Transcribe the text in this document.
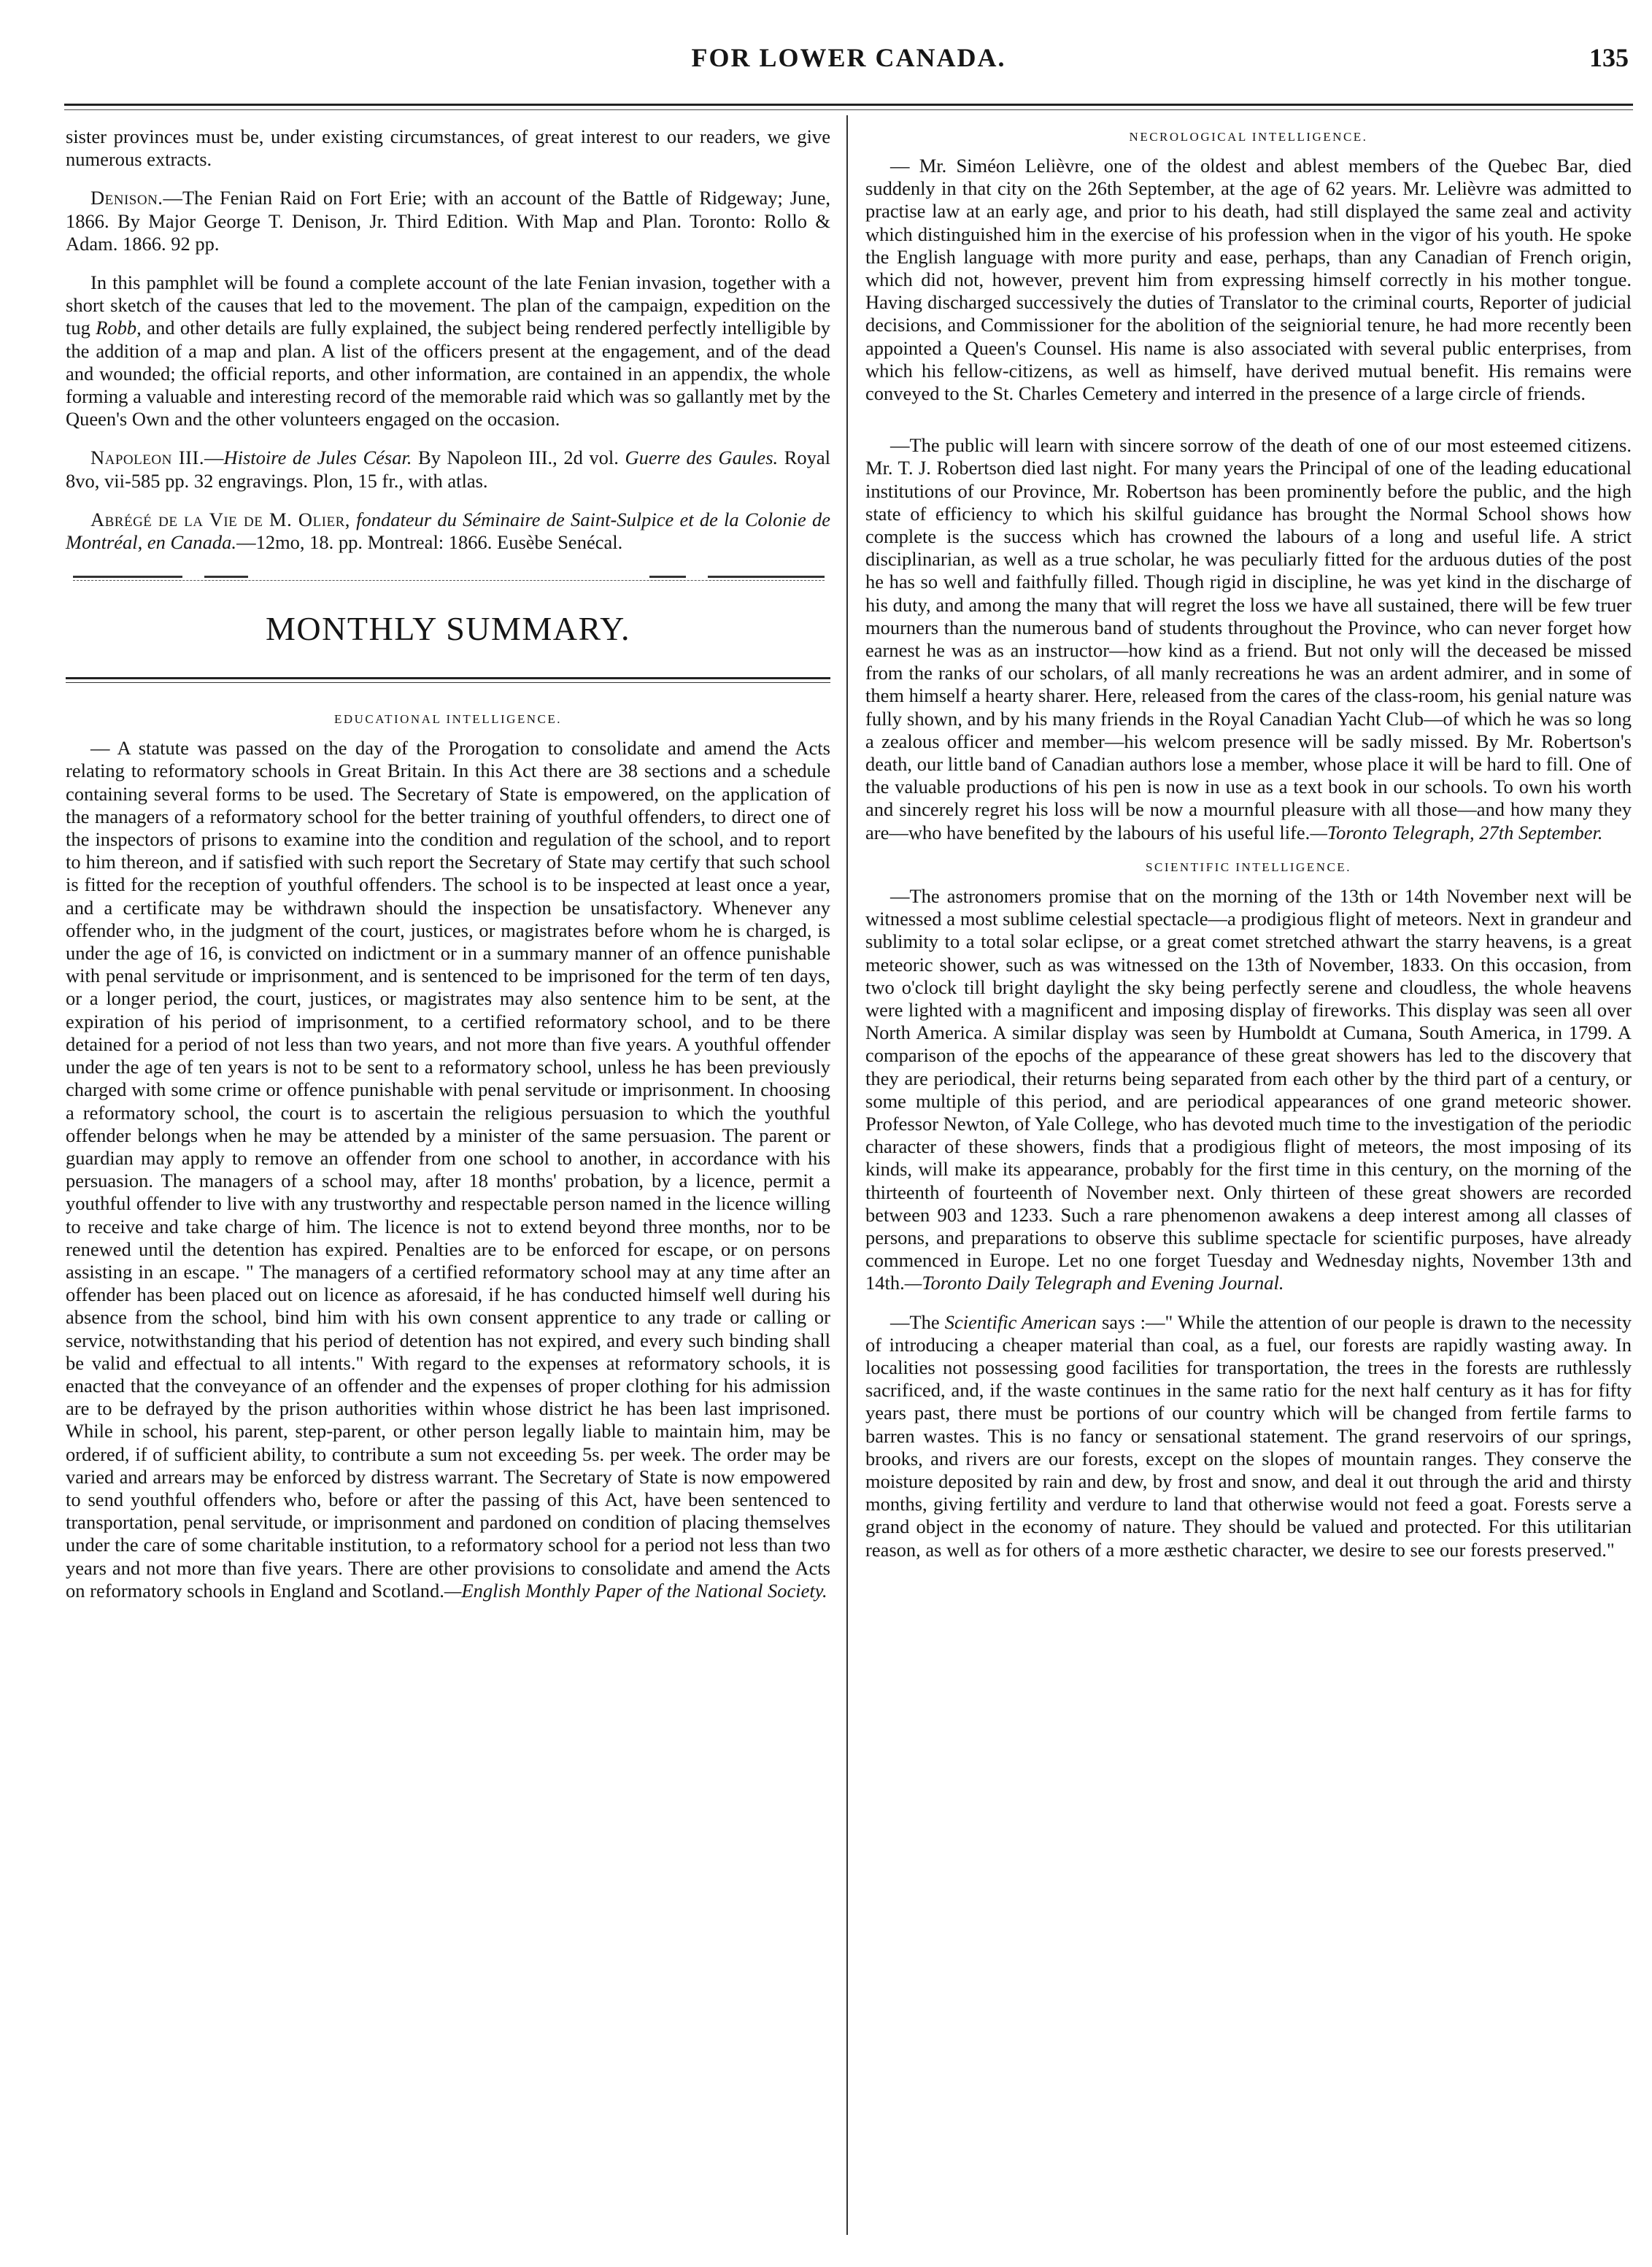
FOR LOWER CANADA.	135

sister provinces must be, under existing circumstances, of great interest to our readers, we give numerous extracts.

Denison.—The Fenian Raid on Fort Erie; with an account of the Battle of Ridgeway; June, 1866. By Major George T. Denison, Jr. Third Edition. With Map and Plan. Toronto: Rollo & Adam. 1866. 92 pp.

In this pamphlet will be found a complete account of the late Fenian invasion, together with a short sketch of the causes that led to the movement. The plan of the campaign, expedition on the tug Robb, and other details are fully explained, the subject being rendered perfectly intelligible by the addition of a map and plan. A list of the officers present at the engagement, and of the dead and wounded; the official reports, and other information, are contained in an appendix, the whole forming a valuable and interesting record of the memorable raid which was so gallantly met by the Queen's Own and the other volunteers engaged on the occasion.

Napoleon III.—Histoire de Jules César. By Napoleon III., 2d vol. Guerre des Gaules. Royal 8vo, vii-585 pp. 32 engravings. Plon, 15 fr., with atlas.

Abrégé de la Vie de M. Olier, fondateur du Séminaire de Saint-Sulpice et de la Colonie de Montréal, en Canada.—12mo, 18. pp. Montreal: 1866. Eusèbe Senécal.

MONTHLY SUMMARY.
EDUCATIONAL INTELLIGENCE.

— A statute was passed on the day of the Prorogation to consolidate and amend the Acts relating to reformatory schools in Great Britain. In this Act there are 38 sections and a schedule containing several forms to be used. The Secretary of State is empowered, on the application of the managers of a reformatory school for the better training of youthful offenders, to direct one of the inspectors of prisons to examine into the condition and regulation of the school, and to report to him thereon, and if satisfied with such report the Secretary of State may certify that such school is fitted for the reception of youthful offenders. The school is to be inspected at least once a year, and a certificate may be withdrawn should the inspection be unsatisfactory. Whenever any offender who, in the judgment of the court, justices, or magistrates before whom he is charged, is under the age of 16, is convicted on indictment or in a summary manner of an offence punishable with penal servitude or imprisonment, and is sentenced to be imprisoned for the term of ten days, or a longer period, the court, justices, or magistrates may also sentence him to be sent, at the expiration of his period of imprisonment, to a certified reformatory school, and to be there detained for a period of not less than two years, and not more than five years. A youthful offender under the age of ten years is not to be sent to a reformatory school, unless he has been previously charged with some crime or offence punishable with penal servitude or imprisonment. In choosing a reformatory school, the court is to ascertain the religious persuasion to which the youthful offender belongs when he may be attended by a minister of the same persuasion. The parent or guardian may apply to remove an offender from one school to another, in accordance with his persuasion. The managers of a school may, after 18 months' probation, by a licence, permit a youthful offender to live with any trustworthy and respectable person named in the licence willing to receive and take charge of him. The licence is not to extend beyond three months, nor to be renewed until the detention has expired. Penalties are to be enforced for escape, or on persons assisting in an escape. " The managers of a certified reformatory school may at any time after an offender has been placed out on licence as aforesaid, if he has conducted himself well during his absence from the school, bind him with his own consent apprentice to any trade or calling or service, notwithstanding that his period of detention has not expired, and every such binding shall be valid and effectual to all intents." With regard to the expenses at reformatory schools, it is enacted that the conveyance of an offender and the expenses of proper clothing for his admission are to be defrayed by the prison authorities within whose district he has been last imprisoned. While in school, his parent, step-parent, or other person legally liable to maintain him, may be ordered, if of sufficient ability, to contribute a sum not exceeding 5s. per week. The order may be varied and arrears may be enforced by distress warrant. The Secretary of State is now empowered to send youthful offenders who, before or after the passing of this Act, have been sentenced to transportation, penal servitude, or imprisonment and pardoned on condition of placing themselves under the care of some charitable institution, to a reformatory school for a period not less than two years and not more than five years. There are other provisions to consolidate and amend the Acts on reformatory schools in England and Scotland.—English Monthly Paper of the National Society.

NECROLOGICAL INTELLIGENCE.

— Mr. Siméon Lelièvre, one of the oldest and ablest members of the Quebec Bar, died suddenly in that city on the 26th September, at the age of 62 years. Mr. Lelièvre was admitted to practise law at an early age, and prior to his death, had still displayed the same zeal and activity which distinguished him in the exercise of his profession when in the vigor of his youth. He spoke the English language with more purity and ease, perhaps, than any Canadian of French origin, which did not, however, prevent him from expressing himself correctly in his mother tongue. Having discharged successively the duties of Translator to the criminal courts, Reporter of judicial decisions, and Commissioner for the abolition of the seigniorial tenure, he had more recently been appointed a Queen's Counsel. His name is also associated with several public enterprises, from which his fellow-citizens, as well as himself, have derived mutual benefit. His remains were conveyed to the St. Charles Cemetery and interred in the presence of a large circle of friends.

—The public will learn with sincere sorrow of the death of one of our most esteemed citizens. Mr. T. J. Robertson died last night. For many years the Principal of one of the leading educational institutions of our Province, Mr. Robertson has been prominently before the public, and the high state of efficiency to which his skilful guidance has brought the Normal School shows how complete is the success which has crowned the labours of a long and useful life. A strict disciplinarian, as well as a true scholar, he was peculiarly fitted for the arduous duties of the post he has so well and faithfully filled. Though rigid in discipline, he was yet kind in the discharge of his duty, and among the many that will regret the loss we have all sustained, there will be few truer mourners than the numerous band of students throughout the Province, who can never forget how earnest he was as an instructor—how kind as a friend. But not only will the deceased be missed from the ranks of our scholars, of all manly recreations he was an ardent admirer, and in some of them himself a hearty sharer. Here, released from the cares of the class-room, his genial nature was fully shown, and by his many friends in the Royal Canadian Yacht Club—of which he was so long a zealous officer and member—his welcom presence will be sadly missed. By Mr. Robertson's death, our little band of Canadian authors lose a member, whose place it will be hard to fill. One of the valuable productions of his pen is now in use as a text book in our schools. To own his worth and sincerely regret his loss will be now a mournful pleasure with all those—and how many they are—who have benefited by the labours of his useful life.—Toronto Telegraph, 27th September.

SCIENTIFIC INTELLIGENCE.

—The astronomers promise that on the morning of the 13th or 14th November next will be witnessed a most sublime celestial spectacle—a prodigious flight of meteors. Next in grandeur and sublimity to a total solar eclipse, or a great comet stretched athwart the starry heavens, is a great meteoric shower, such as was witnessed on the 13th of November, 1833. On this occasion, from two o'clock till bright daylight the sky being perfectly serene and cloudless, the whole heavens were lighted with a magnificent and imposing display of fireworks. This display was seen all over North America. A similar display was seen by Humboldt at Cumana, South America, in 1799. A comparison of the epochs of the appearance of these great showers has led to the discovery that they are periodical, their returns being separated from each other by the third part of a century, or some multiple of this period, and are periodical appearances of one grand meteoric shower. Professor Newton, of Yale College, who has devoted much time to the investigation of the periodic character of these showers, finds that a prodigious flight of meteors, the most imposing of its kinds, will make its appearance, probably for the first time in this century, on the morning of the thirteenth of fourteenth of November next. Only thirteen of these great showers are recorded between 903 and 1233. Such a rare phenomenon awakens a deep interest among all classes of persons, and preparations to observe this sublime spectacle for scientific purposes, have already commenced in Europe. Let no one forget Tuesday and Wednesday nights, November 13th and 14th.—Toronto Daily Telegraph and Evening Journal.

—The Scientific American says :—" While the attention of our people is drawn to the necessity of introducing a cheaper material than coal, as a fuel, our forests are rapidly wasting away. In localities not possessing good facilities for transportation, the trees in the forests are ruthlessly sacrificed, and, if the waste continues in the same ratio for the next half century as it has for fifty years past, there must be portions of our country which will be changed from fertile farms to barren wastes. This is no fancy or sensational statement. The grand reservoirs of our springs, brooks, and rivers are our forests, except on the slopes of mountain ranges. They conserve the moisture deposited by rain and dew, by frost and snow, and deal it out through the arid and thirsty months, giving fertility and verdure to land that otherwise would not feed a goat. Forests serve a grand object in the economy of nature. They should be valued and protected. For this utilitarian reason, as well as for others of a more æsthetic character, we desire to see our forests preserved."
